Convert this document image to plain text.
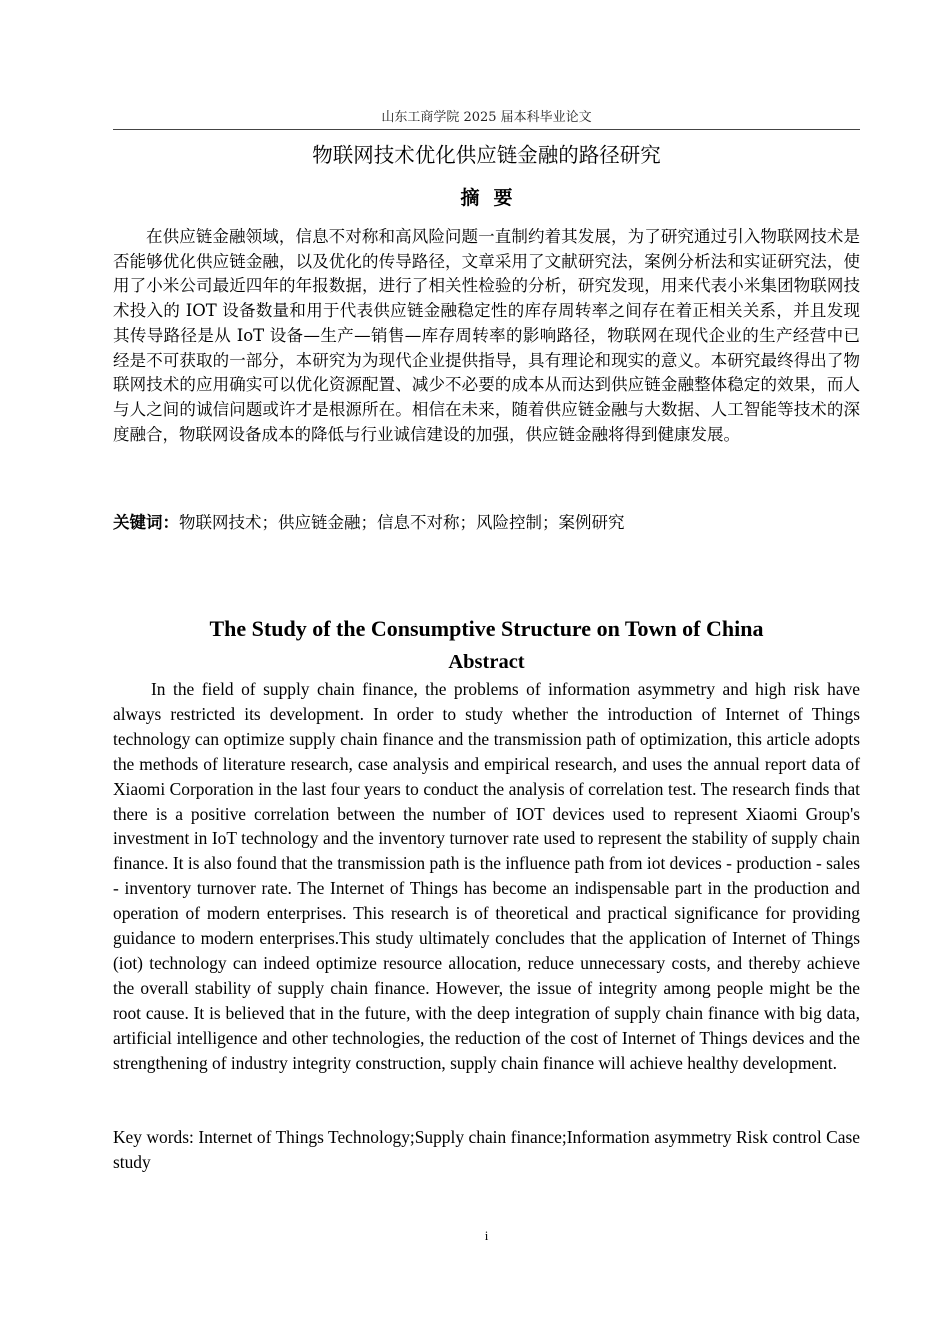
山东工商学院 2025 届本科毕业论文
物联网技术优化供应链金融的路径研究
摘要

在供应链金融领域，信息不对称和高风险问题一直制约着其发展，为了研究通过引入物联网技术是否能够优化供应链金融，以及优化的传导路径，文章采用了文献研究法，案例分析法和实证研究法，使用了小米公司最近四年的年报数据，进行了相关性检验的分析，研究发现，用来代表小米集团物联网技术投入的 IOT 设备数量和用于代表供应链金融稳定性的库存周转率之间存在着正相关关系，并且发现其传导路径是从 IoT 设备—生产—销售—库存周转率的影响路径，物联网在现代企业的生产经营中已经是不可获取的一部分，本研究为为现代企业提供指导，具有理论和现实的意义。本研究最终得出了物联网技术的应用确实可以优化资源配置、减少不必要的成本从而达到供应链金融整体稳定的效果，而人与人之间的诚信问题或许才是根源所在。相信在未来，随着供应链金融与大数据、人工智能等技术的深度融合，物联网设备成本的降低与行业诚信建设的加强，供应链金融将得到健康发展。

关键词：物联网技术；供应链金融；信息不对称；风险控制；案例研究

The Study of the Consumptive Structure on Town of China
Abstract

In the field of supply chain finance, the problems of information asymmetry and high risk have always restricted its development. In order to study whether the introduction of Internet of Things technology can optimize supply chain finance and the transmission path of optimization, this article adopts the methods of literature research, case analysis and empirical research, and uses the annual report data of Xiaomi Corporation in the last four years to conduct the analysis of correlation test. The research finds that there is a positive correlation between the number of IOT devices used to represent Xiaomi Group's investment in IoT technology and the inventory turnover rate used to represent the stability of supply chain finance. It is also found that the transmission path is the influence path from iot devices - production - sales - inventory turnover rate. The Internet of Things has become an indispensable part in the production and operation of modern enterprises. This research is of theoretical and practical significance for providing guidance to modern enterprises.This study ultimately concludes that the application of Internet of Things (iot) technology can indeed optimize resource allocation, reduce unnecessary costs, and thereby achieve the overall stability of supply chain finance. However, the issue of integrity among people might be the root cause. It is believed that in the future, with the deep integration of supply chain finance with big data, artificial intelligence and other technologies, the reduction of the cost of Internet of Things devices and the strengthening of industry integrity construction, supply chain finance will achieve healthy development.

Key words: Internet of Things Technology;Supply chain finance;Information asymmetry Risk control Case study

i
